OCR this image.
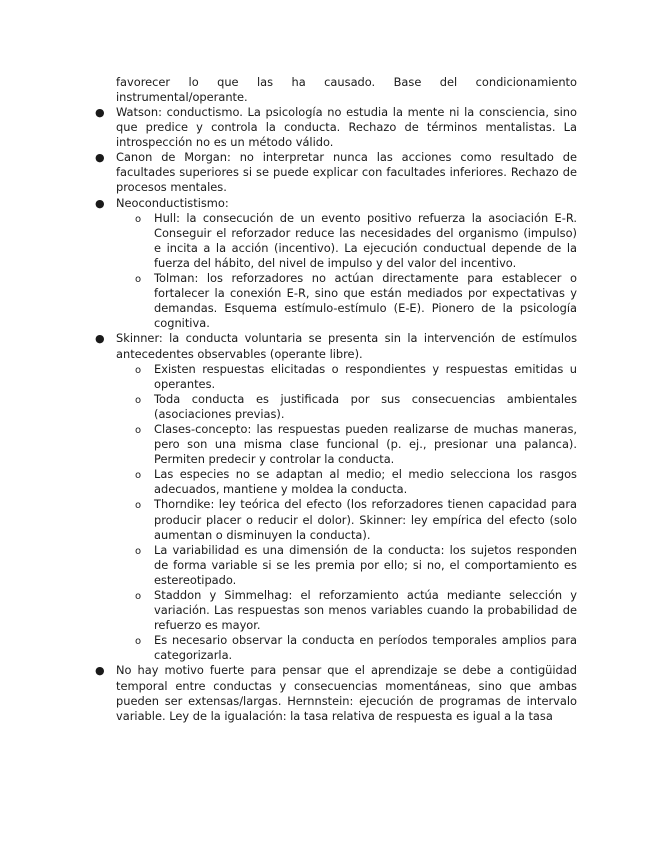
favorecer lo que las ha causado. Base del condicionamiento instrumental/operante.

● Watson: conductismo. La psicología no estudia la mente ni la consciencia, sino que predice y controla la conducta. Rechazo de términos mentalistas. La introspección no es un método válido.
● Canon de Morgan: no interpretar nunca las acciones como resultado de facultades superiores si se puede explicar con facultades inferiores. Rechazo de procesos mentales.
● Neoconductistismo:
o Hull: la consecución de un evento positivo refuerza la asociación E-R. Conseguir el reforzador reduce las necesidades del organismo (impulso) e incita a la acción (incentivo). La ejecución conductual depende de la fuerza del hábito, del nivel de impulso y del valor del incentivo.
o Tolman: los reforzadores no actúan directamente para establecer o fortalecer la conexión E-R, sino que están mediados por expectativas y demandas. Esquema estímulo-estímulo (E-E). Pionero de la psicología cognitiva.
● Skinner: la conducta voluntaria se presenta sin la intervención de estímulos antecedentes observables (operante libre).
o Existen respuestas elicitadas o respondientes y respuestas emitidas u operantes.
o Toda conducta es justificada por sus consecuencias ambientales (asociaciones previas).
o Clases-concepto: las respuestas pueden realizarse de muchas maneras, pero son una misma clase funcional (p. ej., presionar una palanca). Permiten predecir y controlar la conducta.
o Las especies no se adaptan al medio; el medio selecciona los rasgos adecuados, mantiene y moldea la conducta.
o Thorndike: ley teórica del efecto (los reforzadores tienen capacidad para producir placer o reducir el dolor). Skinner: ley empírica del efecto (solo aumentan o disminuyen la conducta).
o La variabilidad es una dimensión de la conducta: los sujetos responden de forma variable si se les premia por ello; si no, el comportamiento es estereotipado.
o Staddon y Simmelhag: el reforzamiento actúa mediante selección y variación. Las respuestas son menos variables cuando la probabilidad de refuerzo es mayor.
o Es necesario observar la conducta en períodos temporales amplios para categorizarla.
● No hay motivo fuerte para pensar que el aprendizaje se debe a contigüidad temporal entre conductas y consecuencias momentáneas, sino que ambas pueden ser extensas/largas. Hernnstein: ejecución de programas de intervalo variable. Ley de la igualación: la tasa relativa de respuesta es igual a la tasa
